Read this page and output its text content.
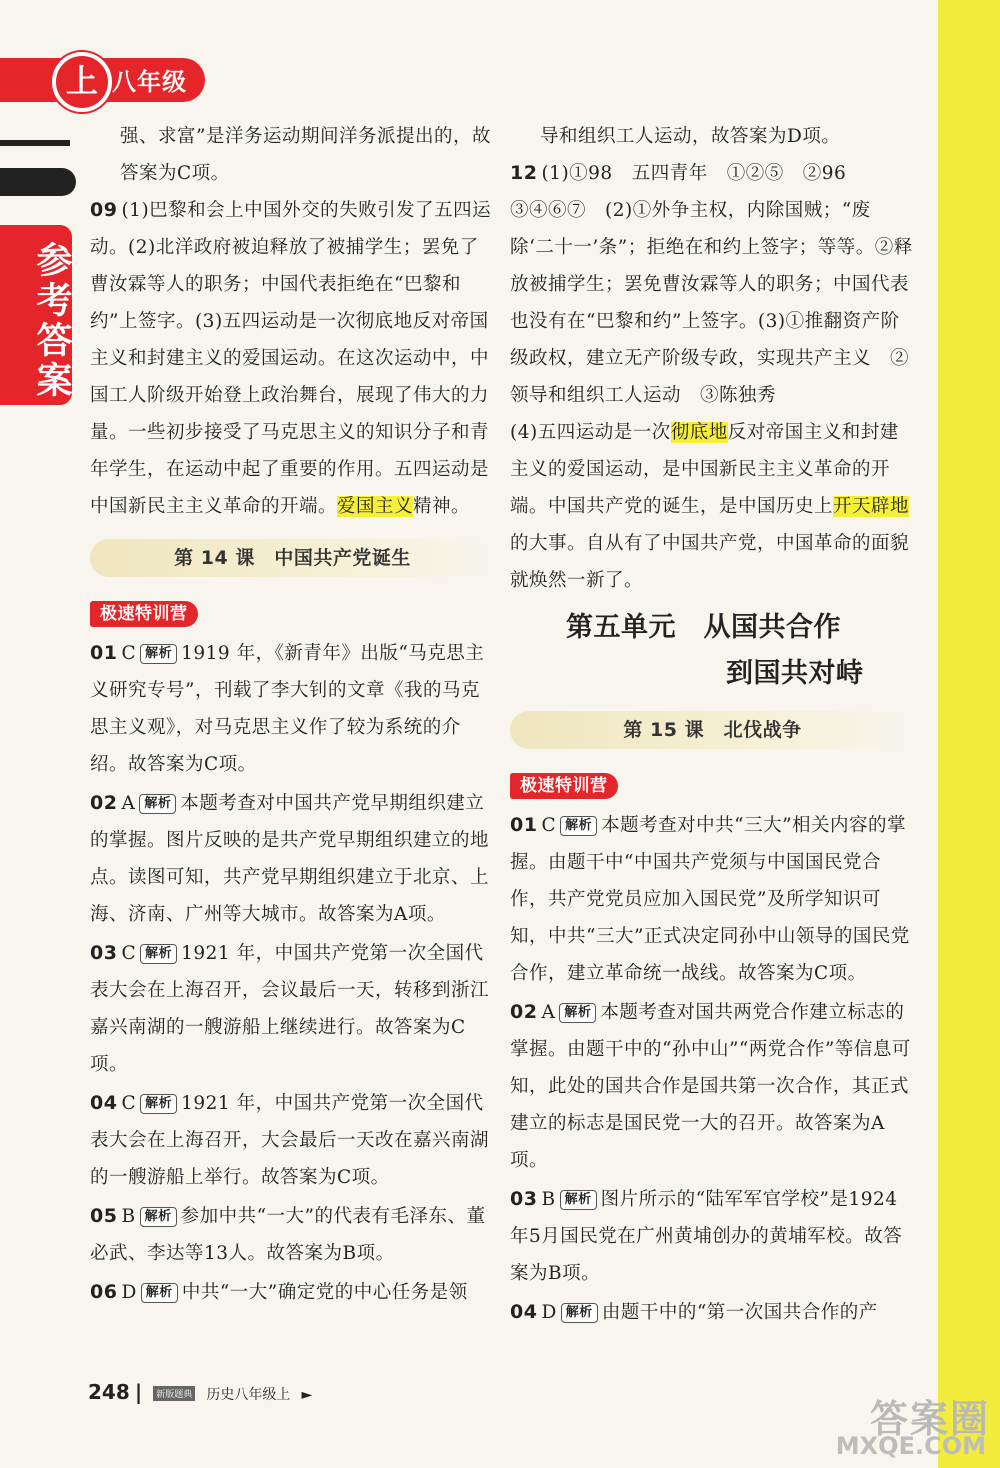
上 八年级
参考答案

强、求富”是洋务运动期间洋务派提出的，故答案为C项。

09 (1)巴黎和会上中国外交的失败引发了五四运动。(2)北洋政府被迫释放了被捕学生；罢免了曹汝霖等人的职务；中国代表拒绝在“巴黎和约”上签字。(3)五四运动是一次彻底地反对帝国主义和封建主义的爱国运动。在这次运动中，中国工人阶级开始登上政治舞台，展现了伟大的力量。一些初步接受了马克思主义的知识分子和青年学生，在运动中起了重要的作用。五四运动是中国新民主主义革命的开端。爱国主义精神。

第 14 课　中国共产党诞生
极速特训营

01 C 解析 1919 年，《新青年》出版“马克思主义研究专号”，刊载了李大钊的文章《我的马克思主义观》，对马克思主义作了较为系统的介绍。故答案为C项。

02 A 解析 本题考查对中国共产党早期组织建立的掌握。图片反映的是共产党早期组织建立的地点。读图可知，共产党早期组织建立于北京、上海、济南、广州等大城市。故答案为A项。

03 C 解析 1921 年，中国共产党第一次全国代表大会在上海召开，会议最后一天，转移到浙江嘉兴南湖的一艘游船上继续进行。故答案为C项。

04 C 解析 1921 年，中国共产党第一次全国代表大会在上海召开，大会最后一天改在嘉兴南湖的一艘游船上举行。故答案为C项。

05 B 解析 参加中共“一大”的代表有毛泽东、董必武、李达等13人。故答案为B项。

06 D 解析 中共“一大”确定党的中心任务是领

导和组织工人运动，故答案为D项。

12 (1)①98　五四青年　①②⑤　②96　③④⑥⑦　(2)①外争主权，内除国贼；“废除‘二十一’条”；拒绝在和约上签字；等等。②释放被捕学生；罢免曹汝霖等人的职务；中国代表也没有在“巴黎和约”上签字。(3)①推翻资产阶级政权，建立无产阶级专政，实现共产主义　②领导和组织工人运动　③陈独秀

(4)五四运动是一次彻底地反对帝国主义和封建主义的爱国运动，是中国新民主主义革命的开端。中国共产党的诞生，是中国历史上开天辟地的大事。自从有了中国共产党，中国革命的面貌就焕然一新了。

第五单元　从国共合作
到国共对峙
第 15 课　北伐战争
极速特训营

01 C 解析 本题考查对中共“三大”相关内容的掌握。由题干中“中国共产党须与中国国民党合作，共产党党员应加入国民党”及所学知识可知，中共“三大”正式决定同孙中山领导的国民党合作，建立革命统一战线。故答案为C项。

02 A 解析 本题考查对国共两党合作建立标志的掌握。由题干中的“孙中山”“两党合作”等信息可知，此处的国共合作是国共第一次合作，其正式建立的标志是国民党一大的召开。故答案为A项。

03 B 解析 图片所示的“陆军军官学校”是1924年5月国民党在广州黄埔创办的黄埔军校。故答案为B项。

04 D 解析 由题干中的“第一次国共合作的产

248 | 新版题典 历史八年级上 ►
答案圈
MXQE.COM
